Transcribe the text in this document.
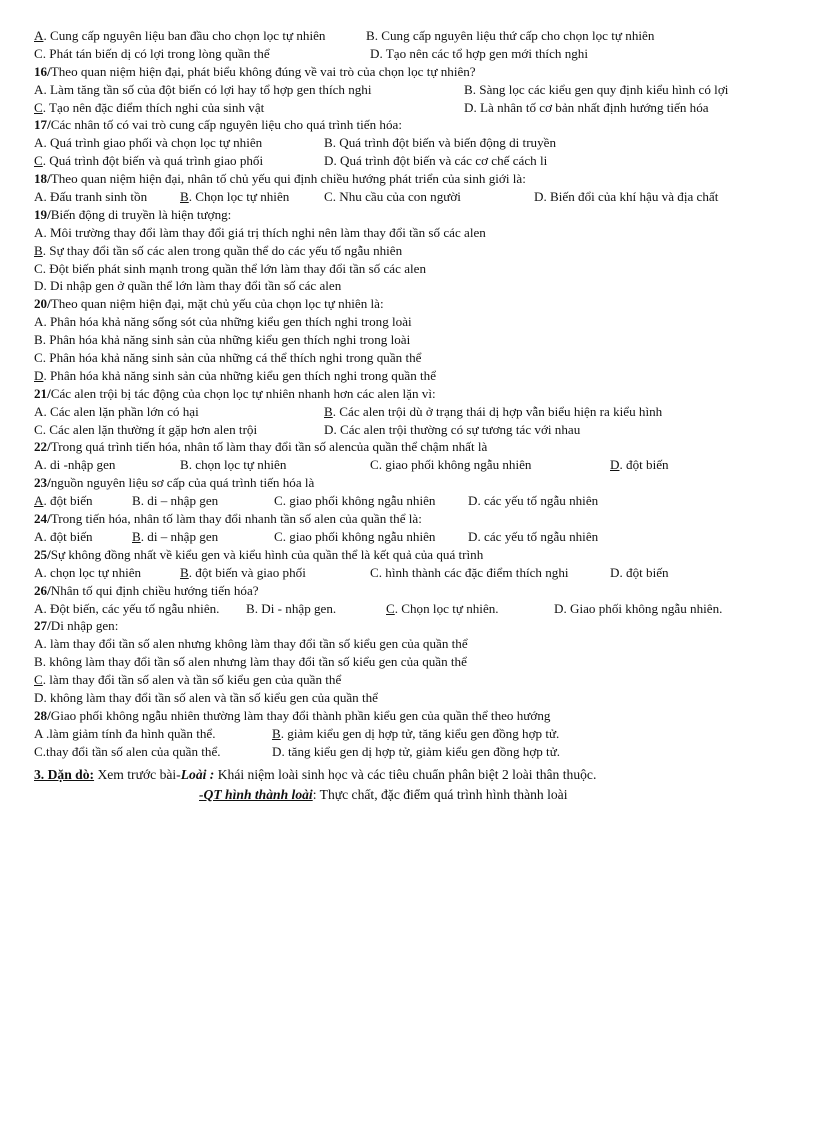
A. Cung cấp nguyên liệu ban đầu cho chọn lọc tự nhiên	B. Cung cấp nguyên liệu thứ cấp cho chọn lọc tự nhiên
C. Phát tán biến dị có lợi trong lòng quần thể	D. Tạo nên các tổ hợp gen mới thích nghi
16/Theo quan niệm hiện đại, phát biểu không đúng về vai trò của chọn lọc tự nhiên?
A. Làm tăng tần số của đột biến có lợi hay tổ hợp gen thích nghi	B. Sàng lọc các kiểu gen quy định kiểu hình có lợi
C. Tạo nên đặc điểm thích nghi của sinh vật	D. Là nhân tố cơ bản nhất định hướng tiến hóa
17/Các nhân tố có vai trò cung cấp nguyên liệu cho quá trình tiến hóa:
A. Quá trình giao phối và chọn lọc tự nhiên	B. Quá trình đột biến và biến động di truyền
C. Quá trình đột biến và quá trình giao phối	D. Quá trình đột biến và các cơ chế cách li
18/Theo quan niệm hiện đại, nhân tố chủ yếu qui định chiều hướng phát triển của sinh giới là:
A. Đấu tranh sinh tồn	B. Chọn lọc tự nhiên	C. Nhu cầu của con người	D. Biến đổi của khí hậu và địa chất
19/Biến động di truyền là hiện tượng:
A. Môi trường thay đổi làm thay đổi giá trị thích nghi nên làm thay đổi tần số các alen
B. Sự thay đổi tần số các alen trong quần thể do các yếu tố ngẫu nhiên
C. Đột biến phát sinh mạnh trong quần thể lớn làm thay đổi tần số các alen
D. Di nhập gen ở quần thể lớn làm thay đổi tần số các alen
20/Theo quan niệm hiện đại, mặt chủ yếu của chọn lọc tự nhiên là:
A. Phân hóa khả năng sống sót của những kiểu gen thích nghi trong loài
B. Phân hóa khả năng sinh sản của những kiểu gen thích nghi trong loài
C. Phân hóa khả năng sinh sản của những cá thể thích nghi trong quần thể
D. Phân hóa khả năng sinh sản của những kiểu gen thích nghi trong quần thể
21/Các alen trội bị tác động của chọn lọc tự nhiên nhanh hơn các alen lặn vì:
A. Các alen lặn phần lớn có hại	B. Các alen trội dù ở trạng thái dị hợp vẫn biểu hiện ra kiểu hình
C. Các alen lặn thường ít gặp hơn alen trội	D. Các alen trội thường có sự tương tác với nhau
22/Trong quá trình tiến hóa, nhân tố làm thay đổi tần số alencủa quần thể chậm nhất là
A. di -nhập gen	B. chọn lọc tự nhiên	C. giao phối không ngẫu nhiên	D. đột biến
23/nguồn nguyên liệu sơ cấp của quá trình tiến hóa là
A. đột biến	B. di – nhập gen	C. giao phối không ngẫu nhiên D. các yếu tố ngẫu nhiên
24/Trong tiến hóa, nhân tố làm thay đổi nhanh tần số alen của quần thể là:
A. đột biến	B. di – nhập gen	C. giao phối không ngẫu nhiên D. các yếu tố ngẫu nhiên
25/Sự không đồng nhất về kiểu gen và kiểu hình của quần thể là kết quả của quá trình
A. chọn lọc tự nhiên	B. đột biến và giao phối	C. hình thành các đặc điểm thích nghi	D. đột biến
26/Nhân tố qui định chiều hướng tiến hóa?
A. Đột biến, các yếu tố ngẫu nhiên. B. Di - nhập gen.	C. Chọn lọc tự nhiên.	D. Giao phối không ngẫu nhiên.
27/Di nhập gen:
A. làm thay đổi tần số alen nhưng không làm thay đổi tần số kiểu gen của quần thể
B. không làm thay đổi tần số alen nhưng làm thay đổi tần số kiểu gen của quần thể
C. làm thay đổi tần số alen và tần số kiểu gen của quần thể
D. không làm thay đổi tần số alen và tần số kiểu gen của quần thể
28/Giao phối không ngẫu nhiên thường làm thay đổi thành phần kiểu gen của quần thể theo hướng
A .làm giảm tính đa hình quần thể.	B. giảm kiểu gen dị hợp tử, tăng kiểu gen đồng hợp tử.
C.thay đổi tần số alen của quần thể.	D. tăng kiểu gen dị hợp tử, giảm kiểu gen đồng hợp tử.
3. Dặn dò: Xem trước bài-Loài : Khái niệm loài sinh học và các tiêu chuẩn phân biệt 2 loài thân thuộc.
-QT hình thành loài: Thực chất, đặc điểm quá trình hình thành loài
